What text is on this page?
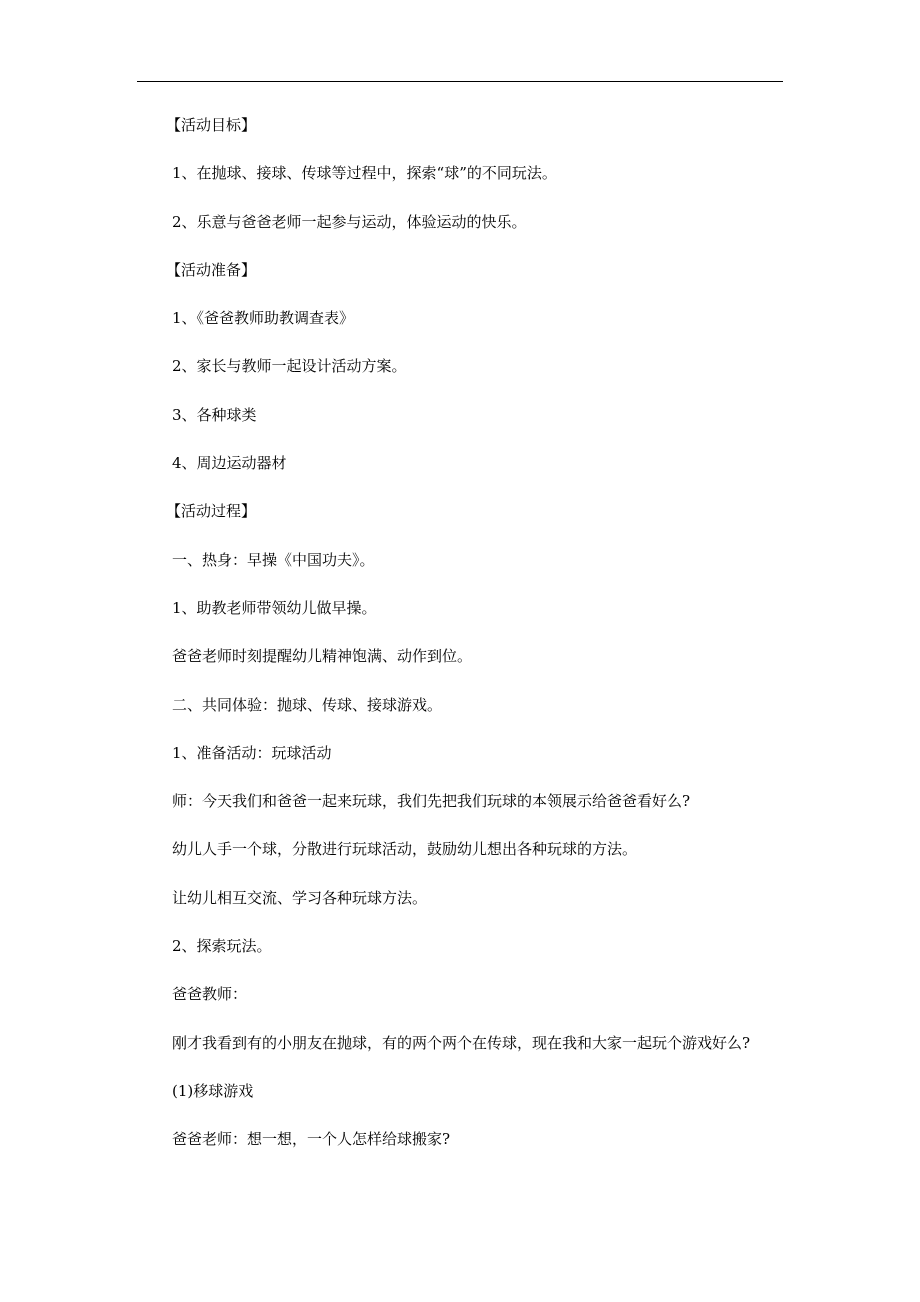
【活动目标】
1、在抛球、接球、传球等过程中，探索“球”的不同玩法。
2、乐意与爸爸老师一起参与运动，体验运动的快乐。
【活动准备】
1、《爸爸教师助教调查表》
2、家长与教师一起设计活动方案。
3、各种球类
4、周边运动器材
【活动过程】
一、热身：早操《中国功夫》。
1、助教老师带领幼儿做早操。
爸爸老师时刻提醒幼儿精神饱满、动作到位。
二、共同体验：抛球、传球、接球游戏。
1、准备活动：玩球活动
师：今天我们和爸爸一起来玩球，我们先把我们玩球的本领展示给爸爸看好么?
幼儿人手一个球，分散进行玩球活动，鼓励幼儿想出各种玩球的方法。
让幼儿相互交流、学习各种玩球方法。
2、探索玩法。
爸爸教师：
刚才我看到有的小朋友在抛球，有的两个两个在传球，现在我和大家一起玩个游戏好么?
(1)移球游戏
爸爸老师：想一想，一个人怎样给球搬家?
